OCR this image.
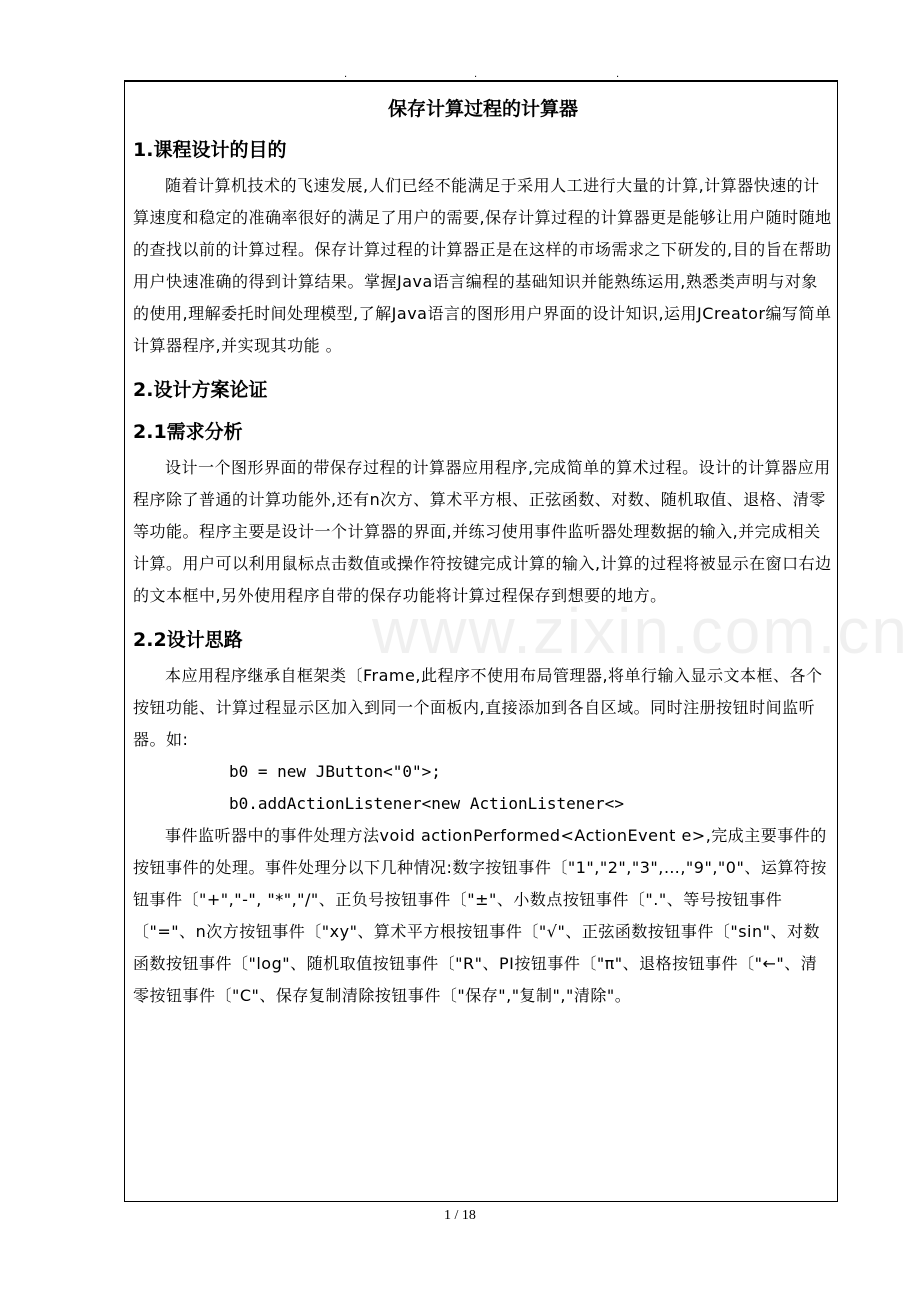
.	.	.
www.zixin.com.cn
保存计算过程的计算器
1.课程设计的目的

随着计算机技术的飞速发展,人们已经不能满足于采用人工进行大量的计算,计算器快速的计算速度和稳定的准确率很好的满足了用户的需要,保存计算过程的计算器更是能够让用户随时随地的查找以前的计算过程。保存计算过程的计算器正是在这样的市场需求之下研发的,目的旨在帮助用户快速准确的得到计算结果。掌握Java语言编程的基础知识并能熟练运用,熟悉类声明与对象的使用,理解委托时间处理模型,了解Java语言的图形用户界面的设计知识,运用JCreator编写简单计算器程序,并实现其功能 。

2.设计方案论证
2.1需求分析

设计一个图形界面的带保存过程的计算器应用程序,完成简单的算术过程。设计的计算器应用程序除了普通的计算功能外,还有n次方、算术平方根、正弦函数、对数、随机取值、退格、清零等功能。程序主要是设计一个计算器的界面,并练习使用事件监听器处理数据的输入,并完成相关计算。用户可以利用鼠标点击数值或操作符按键完成计算的输入,计算的过程将被显示在窗口右边的文本框中,另外使用程序自带的保存功能将计算过程保存到想要的地方。

2.2设计思路

本应用程序继承自框架类〔Frame,此程序不使用布局管理器,将单行输入显示文本框、各个按钮功能、计算过程显示区加入到同一个面板内,直接添加到各自区域。同时注册按钮时间监听器。如:

b0 = new JButton<"0">;

b0.addActionListener<new ActionListener<>

事件监听器中的事件处理方法void actionPerformed<ActionEvent e>,完成主要事件的按钮事件的处理。事件处理分以下几种情况:数字按钮事件〔"1","2","3",…,"9","0"、运算符按钮事件〔"+","-", "*","/"、正负号按钮事件〔"±"、小数点按钮事件〔"."、等号按钮事件〔"="、n次方按钮事件〔"xy"、算术平方根按钮事件〔"√"、正弦函数按钮事件〔"sin"、对数函数按钮事件〔"log"、随机取值按钮事件〔"R"、PI按钮事件〔"π"、退格按钮事件〔"←"、清零按钮事件〔"C"、保存复制清除按钮事件〔"保存","复制","清除"。

1 / 18
